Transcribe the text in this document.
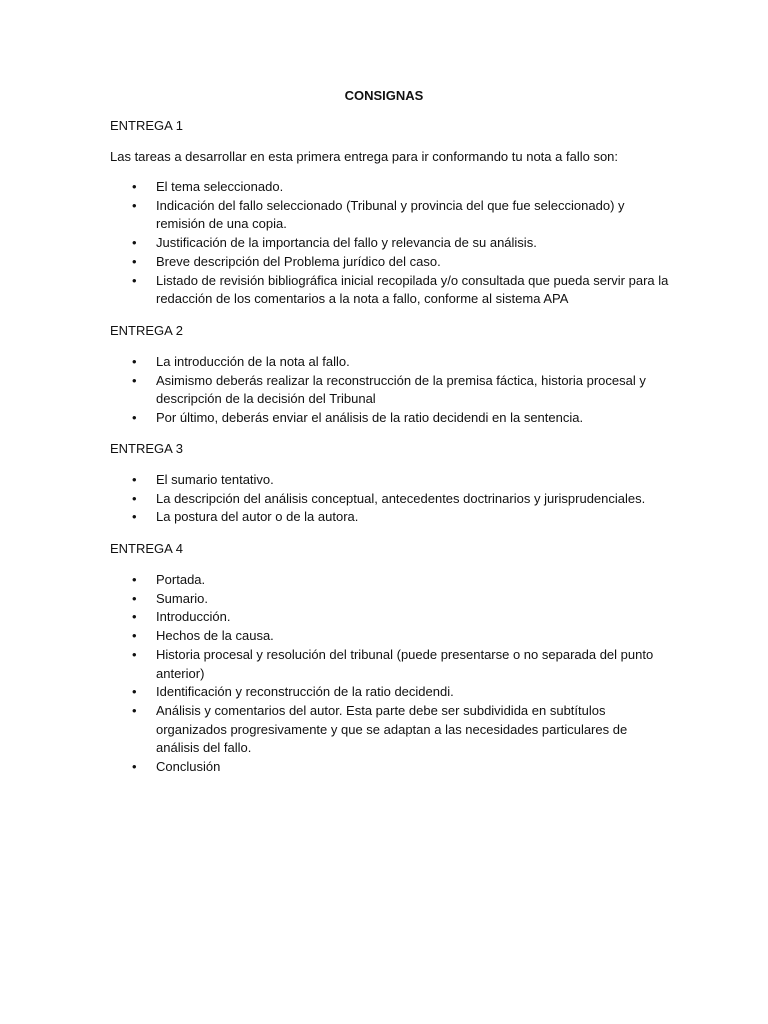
CONSIGNAS

ENTREGA 1

Las tareas a desarrollar en esta primera entrega para ir conformando tu nota a fallo son:

• El tema seleccionado.
• Indicación del fallo seleccionado (Tribunal y provincia del que fue seleccionado) y remisión de una copia.
• Justificación de la importancia del fallo y relevancia de su análisis.
• Breve descripción del Problema jurídico del caso.
• Listado de revisión bibliográfica inicial recopilada y/o consultada que pueda servir para la redacción de los comentarios a la nota a fallo, conforme al sistema APA

ENTREGA 2

• La introducción de la nota al fallo.
• Asimismo deberás realizar la reconstrucción de la premisa fáctica, historia procesal y descripción de la decisión del Tribunal
• Por último, deberás enviar el análisis de la ratio decidendi en la sentencia.

ENTREGA 3

• El sumario tentativo.
• La descripción del análisis conceptual, antecedentes doctrinarios y jurisprudenciales.
• La postura del autor o de la autora.

ENTREGA 4

• Portada.
• Sumario.
• Introducción.
• Hechos de la causa.
• Historia procesal y resolución del tribunal (puede presentarse o no separada del punto anterior)
• Identificación y reconstrucción de la ratio decidendi.
• Análisis y comentarios del autor. Esta parte debe ser subdividida en subtítulos organizados progresivamente y que se adaptan a las necesidades particulares de análisis del fallo.
• Conclusión
